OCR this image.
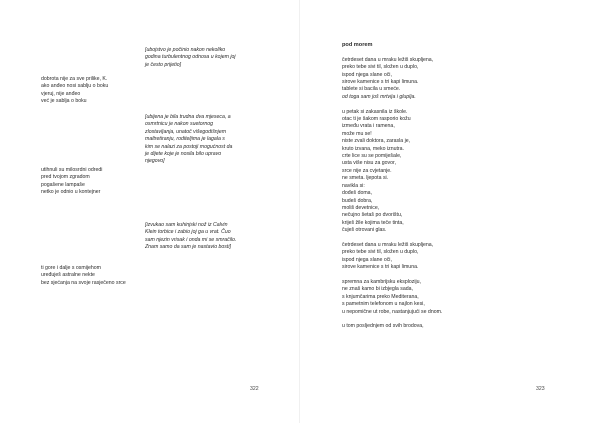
[ubojstvo je počinio nakon nekoliko
godina turbulentnog odnosa u kojem joj
je često prijetio]
dobrota nije za sve prilike, K.
ako anđeo nosi sablju o boku
vjeruj, nije anđeo
već je sablja o boku
[ubijena je bila trudna dva mjeseca, a
osmrtnicu je nakon suetornog
zlostavljanja, unatoč višegodišnjem
maltretiranju, roditeljima je lagala s
kim se nalazi za postoji mogućnost da
je dijete koje je nosila bilo upravo
njegovo]
utihnuli su milosrdni odredi
pred tvojom zgradom
pogašene lampaše
netko je odnio u kontejner
[izvukao sam kuhinjski nož iz Calvin
Klein torbice i zabio joj ga u vrat. Čuo
sam njezin vrisak i onda mi se smračilo.
Znam samo da sam je nastavio bosti]
ti gore i dalje s osmijehom
uređuješ astralne nekte
bez sjećanja na svoje rasječeno srce
322
pod morem
četrdeset dana u mraku ležiš skupljena,
preko tebe sivi til, složen u duplo,
ispod njega slane oči,
sirove kamenice s tri kapi limuna.
tablete si bacila u smeće.
od toga sam još mrtvija i gluplja.
u petak si zakasnila iz škole.
otac ti je šakom rasporio kožu
između vrata i ramena,
može mu se!
niste zvali doktora, zarasla je,
kruto izvana, meko iznutra.
crte lice su se pomiješale,
usta više nisu za govor,
srce nije za cvjetanje.
ne smeta. ljepota si.
navikla si:
dođeš doma,
budeš dobra,
moliš devetnice,
nečujno šetaš po dvorištu,
kriješ žile kojima teče tinta,
čuješ otrovani glas.
četrdeset dana u mraku ležiš skupljena,
preko tebe sivi til, složen u duplo,
ispod njega slane oči,
sirove kamenice s tri kapi limuna.
spremna za kambrijsku eksploziju,
ne znaš kamo bi izbjegla sada,
s knjumčarima preko Mediterana,
s pametnim telefonom u najlon kesi,
u nepomične ut robe, nastanjujući se dnom.
u tom posljednjem od svih brodova,
323
